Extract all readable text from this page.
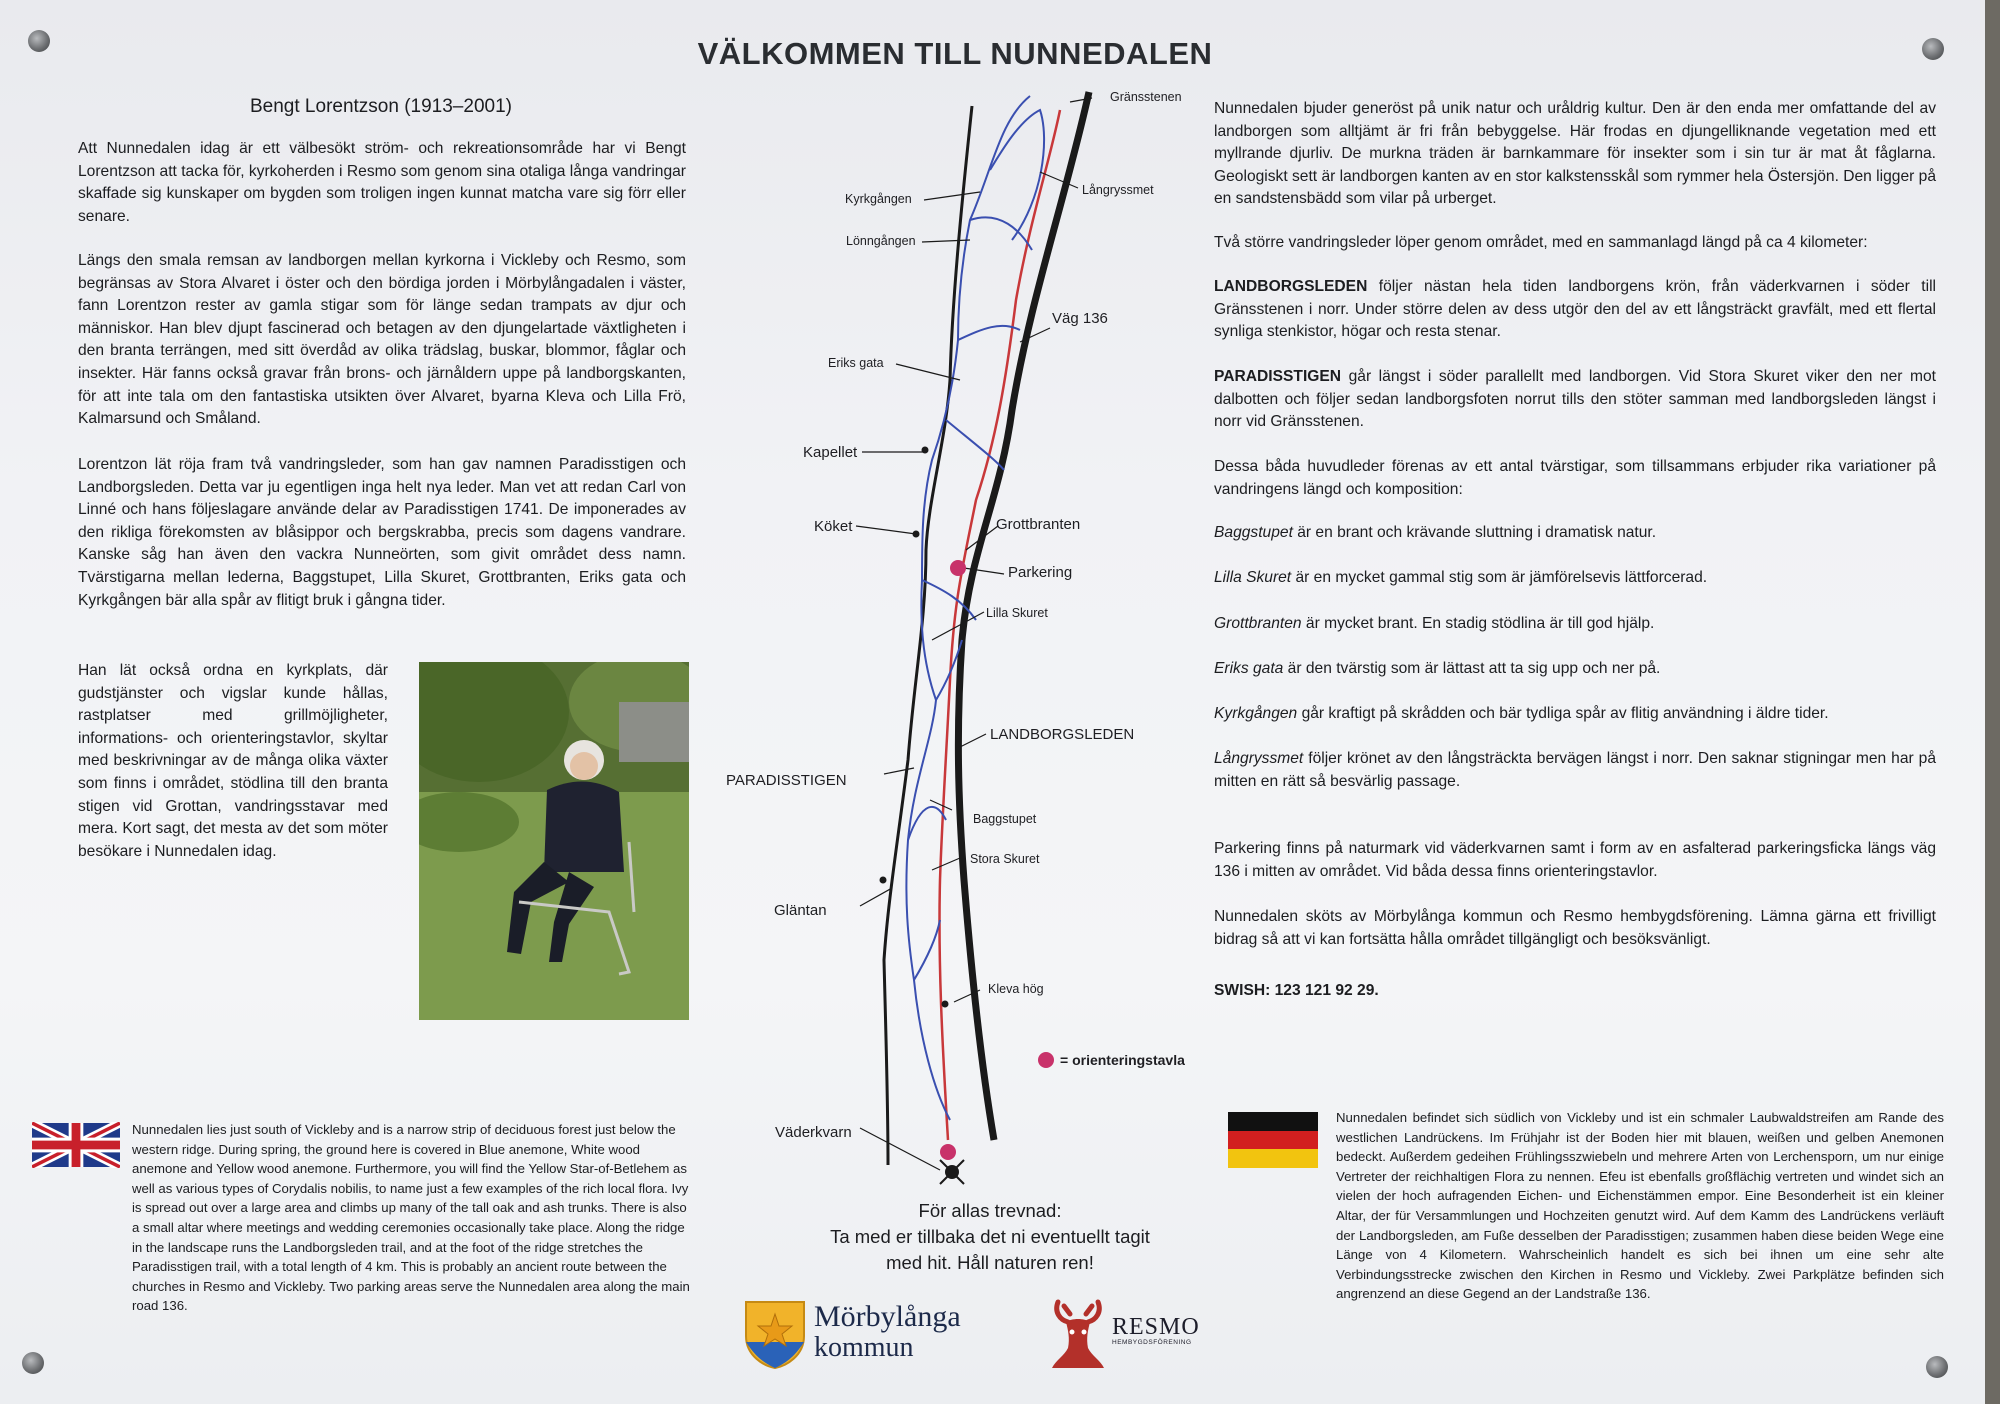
VÄLKOMMEN TILL NUNNEDALEN
Bengt Lorentzson (1913–2001)

Att Nunnedalen idag är ett välbesökt ström- och rekreationsområde har vi Bengt Lorentzson att tacka för, kyrkoherden i Resmo som genom sina otaliga långa vandringar skaffade sig kunskaper om bygden som troligen ingen kunnat matcha vare sig förr eller senare.

Längs den smala remsan av landborgen mellan kyrkorna i Vickleby och Resmo, som begränsas av Stora Alvaret i öster och den bördiga jorden i Mörbylångadalen i väster, fann Lorentzon rester av gamla stigar som för länge sedan trampats av djur och människor. Han blev djupt fascinerad och betagen av den djungelartade växtligheten i den branta terrängen, med sitt överdåd av olika trädslag, buskar, blommor, fåglar och insekter. Här fanns också gravar från brons- och järnåldern uppe på landborgskanten, för att inte tala om den fantastiska utsikten över Alvaret, byarna Kleva och Lilla Frö, Kalmarsund och Småland.

Lorentzon lät röja fram två vandringsleder, som han gav namnen Paradisstigen och Landborgsleden. Detta var ju egentligen inga helt nya leder. Man vet att redan Carl von Linné och hans följeslagare använde delar av Paradisstigen 1741. De imponerades av den rikliga förekomsten av blåsippor och bergskrabba, precis som dagens vandrare. Kanske såg han även den vackra Nunneörten, som givit området dess namn. Tvärstigarna mellan lederna, Baggstupet, Lilla Skuret, Grottbranten, Eriks gata och Kyrkgången bär alla spår av flitigt bruk i gångna tider.

Han lät också ordna en kyrkplats, där gudstjänster och vigslar kunde hållas, rastplatser med grillmöjligheter, informations- och orienteringstavlor, skyltar med beskrivningar av de många olika växter som finns i området, stödlina till den branta stigen vid Grottan, vandringsstavar med mera. Kort sagt, det mesta av det som möter besökare i Nunnedalen idag.

Gränsstenen
Kyrkgången
Långryssmet
Lönngången
Väg 136
Eriks gata
Kapellet
Köket	Grottbranten
Parkering
Lilla Skuret
LANDBORGSLEDEN
PARADISSTIGEN
Baggstupet
Stora Skuret
Gläntan
Kleva hög
Väderkvarn
= orienteringstavla

Nunnedalen bjuder generöst på unik natur och uråldrig kultur. Den är den enda mer omfattande del av landborgen som alltjämt är fri från bebyggelse. Här frodas en djungelliknande vegetation med ett myllrande djurliv. De murkna träden är barnkammare för insekter som i sin tur är mat åt fåglarna. Geologiskt sett är landborgen kanten av en stor kalkstensskål som rymmer hela Östersjön. Den ligger på en sandstensbädd som vilar på urberget.

Två större vandringsleder löper genom området, med en sammanlagd längd på ca 4 kilometer:

LANDBORGSLEDEN följer nästan hela tiden landborgens krön, från väderkvarnen i söder till Gränsstenen i norr. Under större delen av dess utgör den del av ett långsträckt gravfält, med ett flertal synliga stenkistor, högar och resta stenar.

PARADISSTIGEN går längst i söder parallellt med landborgen. Vid Stora Skuret viker den ner mot dalbotten och följer sedan landborgsfoten norrut tills den stöter samman med landborgsleden längst i norr vid Gränsstenen.

Dessa båda huvudleder förenas av ett antal tvärstigar, som tillsammans erbjuder rika variationer på vandringens längd och komposition:

Baggstupet är en brant och krävande sluttning i dramatisk natur.

Lilla Skuret är en mycket gammal stig som är jämförelsevis lättforcerad.

Grottbranten är mycket brant. En stadig stödlina är till god hjälp.

Eriks gata är den tvärstig som är lättast att ta sig upp och ner på.

Kyrkgången går kraftigt på skrådden och bär tydliga spår av flitig användning i äldre tider.

Långryssmet följer krönet av den långsträckta bervägen längst i norr. Den saknar stigningar men har på mitten en rätt så besvärlig passage.

Parkering finns på naturmark vid väderkvarnen samt i form av en asfalterad parkeringsficka längs väg 136 i mitten av området. Vid båda dessa finns orienteringstavlor.

Nunnedalen sköts av Mörbylånga kommun och Resmo hembygdsförening. Lämna gärna ett frivilligt bidrag så att vi kan fortsätta hålla området tillgängligt och besöksvänligt.

SWISH: 123 121 92 29.

Nunnedalen lies just south of Vickleby and is a narrow strip of deciduous forest just below the western ridge. During spring, the ground here is covered in Blue anemone, White wood anemone and Yellow wood anemone. Furthermore, you will find the Yellow Star-of-Betlehem as well as various types of Corydalis nobilis, to name just a few examples of the rich local flora. Ivy is spread out over a large area and climbs up many of the tall oak and ash trunks. There is also a small altar where meetings and wedding ceremonies occasionally take place. Along the ridge in the landscape runs the Landborgsleden trail, and at the foot of the ridge stretches the Paradisstigen trail, with a total length of 4 km. This is probably an ancient route between the churches in Resmo and Vickleby. Two parking areas serve the Nunnedalen area along the main road 136.

Nunnedalen befindet sich südlich von Vickleby und ist ein schmaler Laubwaldstreifen am Rande des westlichen Landrückens. Im Frühjahr ist der Boden hier mit blauen, weißen und gelben Anemonen bedeckt. Außerdem gedeihen Frühlingsszwiebeln und mehrere Arten von Lerchensporn, um nur einige Vertreter der reichhaltigen Flora zu nennen. Efeu ist ebenfalls großflächig vertreten und windet sich an vielen der hoch aufragenden Eichen- und Eichenstämmen empor. Eine Besonderheit ist ein kleiner Altar, der für Versammlungen und Hochzeiten genutzt wird. Auf dem Kamm des Landrückens verläuft der Landborgsleden, am Fuße desselben der Paradisstigen; zusammen haben diese beiden Wege eine Länge von 4 Kilometern. Wahrscheinlich handelt es sich bei ihnen um eine sehr alte Verbindungsstrecke zwischen den Kirchen in Resmo und Vickleby. Zwei Parkplätze befinden sich angrenzend an diese Gegend an der Landstraße 136.

För allas trevnad:
Ta med er tillbaka det ni eventuellt tagit
med hit. Håll naturen ren!
Mörbylånga
kommun
RESMO
HEMBYGDSFÖRENING
